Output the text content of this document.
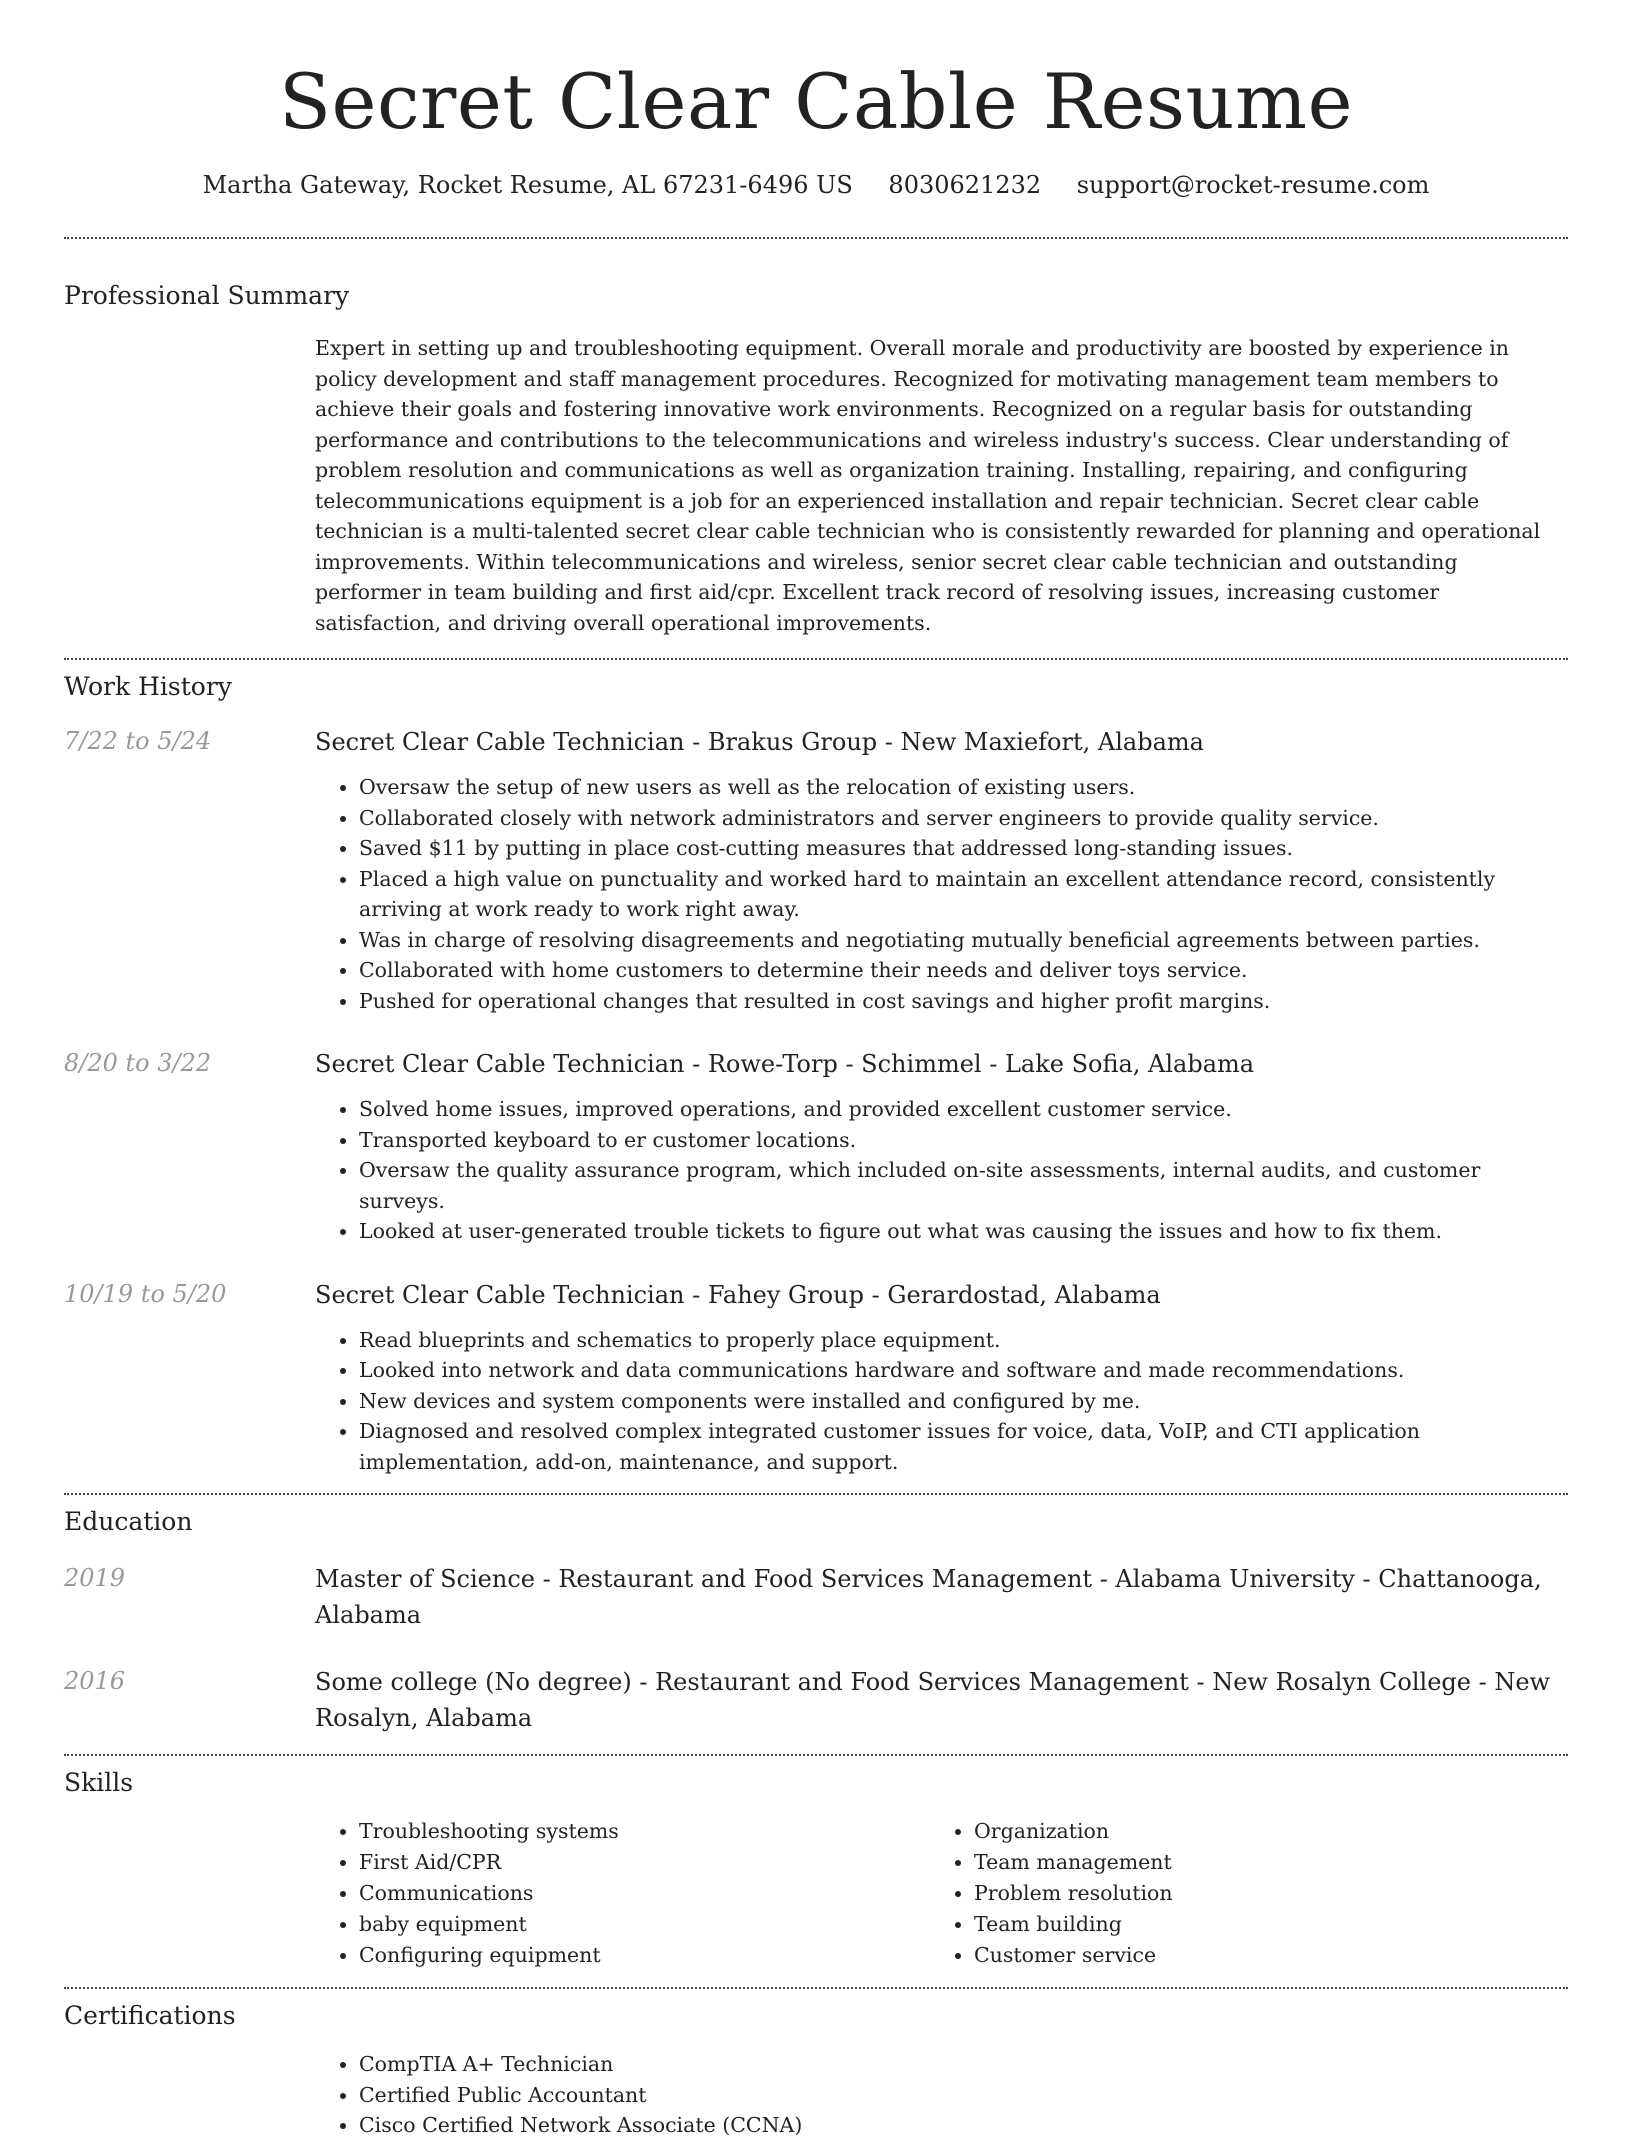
Secret Clear Cable Resume
Martha Gateway, Rocket Resume, AL 67231-6496 US 8030621232 support@rocket-resume.com
Professional Summary

Expert in setting up and troubleshooting equipment. Overall morale and productivity are boosted by experience in policy development and staff management procedures. Recognized for motivating management team members to achieve their goals and fostering innovative work environments. Recognized on a regular basis for outstanding performance and contributions to the telecommunications and wireless industry's success. Clear understanding of problem resolution and communications as well as organization training. Installing, repairing, and configuring telecommunications equipment is a job for an experienced installation and repair technician. Secret clear cable technician is a multi-talented secret clear cable technician who is consistently rewarded for planning and operational improvements. Within telecommunications and wireless, senior secret clear cable technician and outstanding performer in team building and first aid/cpr. Excellent track record of resolving issues, increasing customer satisfaction, and driving overall operational improvements.

Work History
7/22 to 5/24	Secret Clear Cable Technician - Brakus Group - New Maxiefort, Alabama
• Oversaw the setup of new users as well as the relocation of existing users.
• Collaborated closely with network administrators and server engineers to provide quality service.
• Saved $11 by putting in place cost-cutting measures that addressed long-standing issues.
• Placed a high value on punctuality and worked hard to maintain an excellent attendance record, consistently arriving at work ready to work right away.
• Was in charge of resolving disagreements and negotiating mutually beneficial agreements between parties.
• Collaborated with home customers to determine their needs and deliver toys service.
• Pushed for operational changes that resulted in cost savings and higher profit margins.
8/20 to 3/22	Secret Clear Cable Technician - Rowe-Torp - Schimmel - Lake Sofia, Alabama
• Solved home issues, improved operations, and provided excellent customer service.
• Transported keyboard to er customer locations.
• Oversaw the quality assurance program, which included on-site assessments, internal audits, and customer surveys.
• Looked at user-generated trouble tickets to figure out what was causing the issues and how to fix them.
10/19 to 5/20	Secret Clear Cable Technician - Fahey Group - Gerardostad, Alabama
• Read blueprints and schematics to properly place equipment.
• Looked into network and data communications hardware and software and made recommendations.
• New devices and system components were installed and configured by me.
• Diagnosed and resolved complex integrated customer issues for voice, data, VoIP, and CTI application implementation, add-on, maintenance, and support.
Education
2019	Master of Science - Restaurant and Food Services Management - Alabama University - Chattanooga, Alabama
2016	Some college (No degree) - Restaurant and Food Services Management - New Rosalyn College - New Rosalyn, Alabama
Skills
• Troubleshooting systems
• First Aid/CPR
• Communications
• baby equipment
• Configuring equipment
• Organization
• Team management
• Problem resolution
• Team building
• Customer service
Certifications
• CompTIA A+ Technician
• Certified Public Accountant
• Cisco Certified Network Associate (CCNA)
